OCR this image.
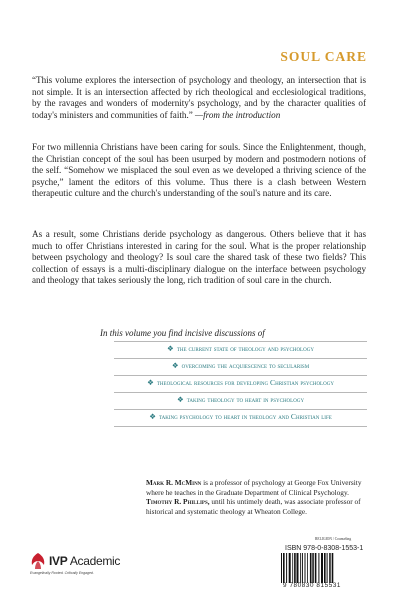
SOUL CARE
“This volume explores the intersection of psychology and theology, an intersection that is not simple. It is an intersection affected by rich theological and ecclesiological traditions, by the ravages and wonders of modernity's psychology, and by the character qualities of today's ministers and communities of faith.” —from the introduction
For two millennia Christians have been caring for souls. Since the Enlightenment, though, the Christian concept of the soul has been usurped by modern and postmodern notions of the self. “Somehow we misplaced the soul even as we developed a thriving science of the psyche,” lament the editors of this volume. Thus there is a clash between Western therapeutic culture and the church's understanding of the soul's nature and its care.
As a result, some Christians deride psychology as dangerous. Others believe that it has much to offer Christians interested in caring for the soul. What is the proper relationship between psychology and theology? Is soul care the shared task of these two fields? This collection of essays is a multi-disciplinary dialogue on the interface between psychology and theology that takes seriously the long, rich tradition of soul care in the church.
In this volume you find incisive discussions of
❖ the current state of theology and psychology
❖ overcoming the acquiescence to secularism
❖ theological resources for developing Christian psychology
❖ taking theology to heart in psychology
❖ taking psychology to heart in theology and Christian life
Mark R. McMinn is a professor of psychology at George Fox University where he teaches in the Graduate Department of Clinical Psychology.
Timothy R. Phillips, until his untimely death, was associate professor of historical and systematic theology at Wheaton College.
RELIGION / Counseling
ISBN 978-0-8308-1553-1
9 780830 815531
IVP Academic
Evangelically Rooted. Critically Engaged.
